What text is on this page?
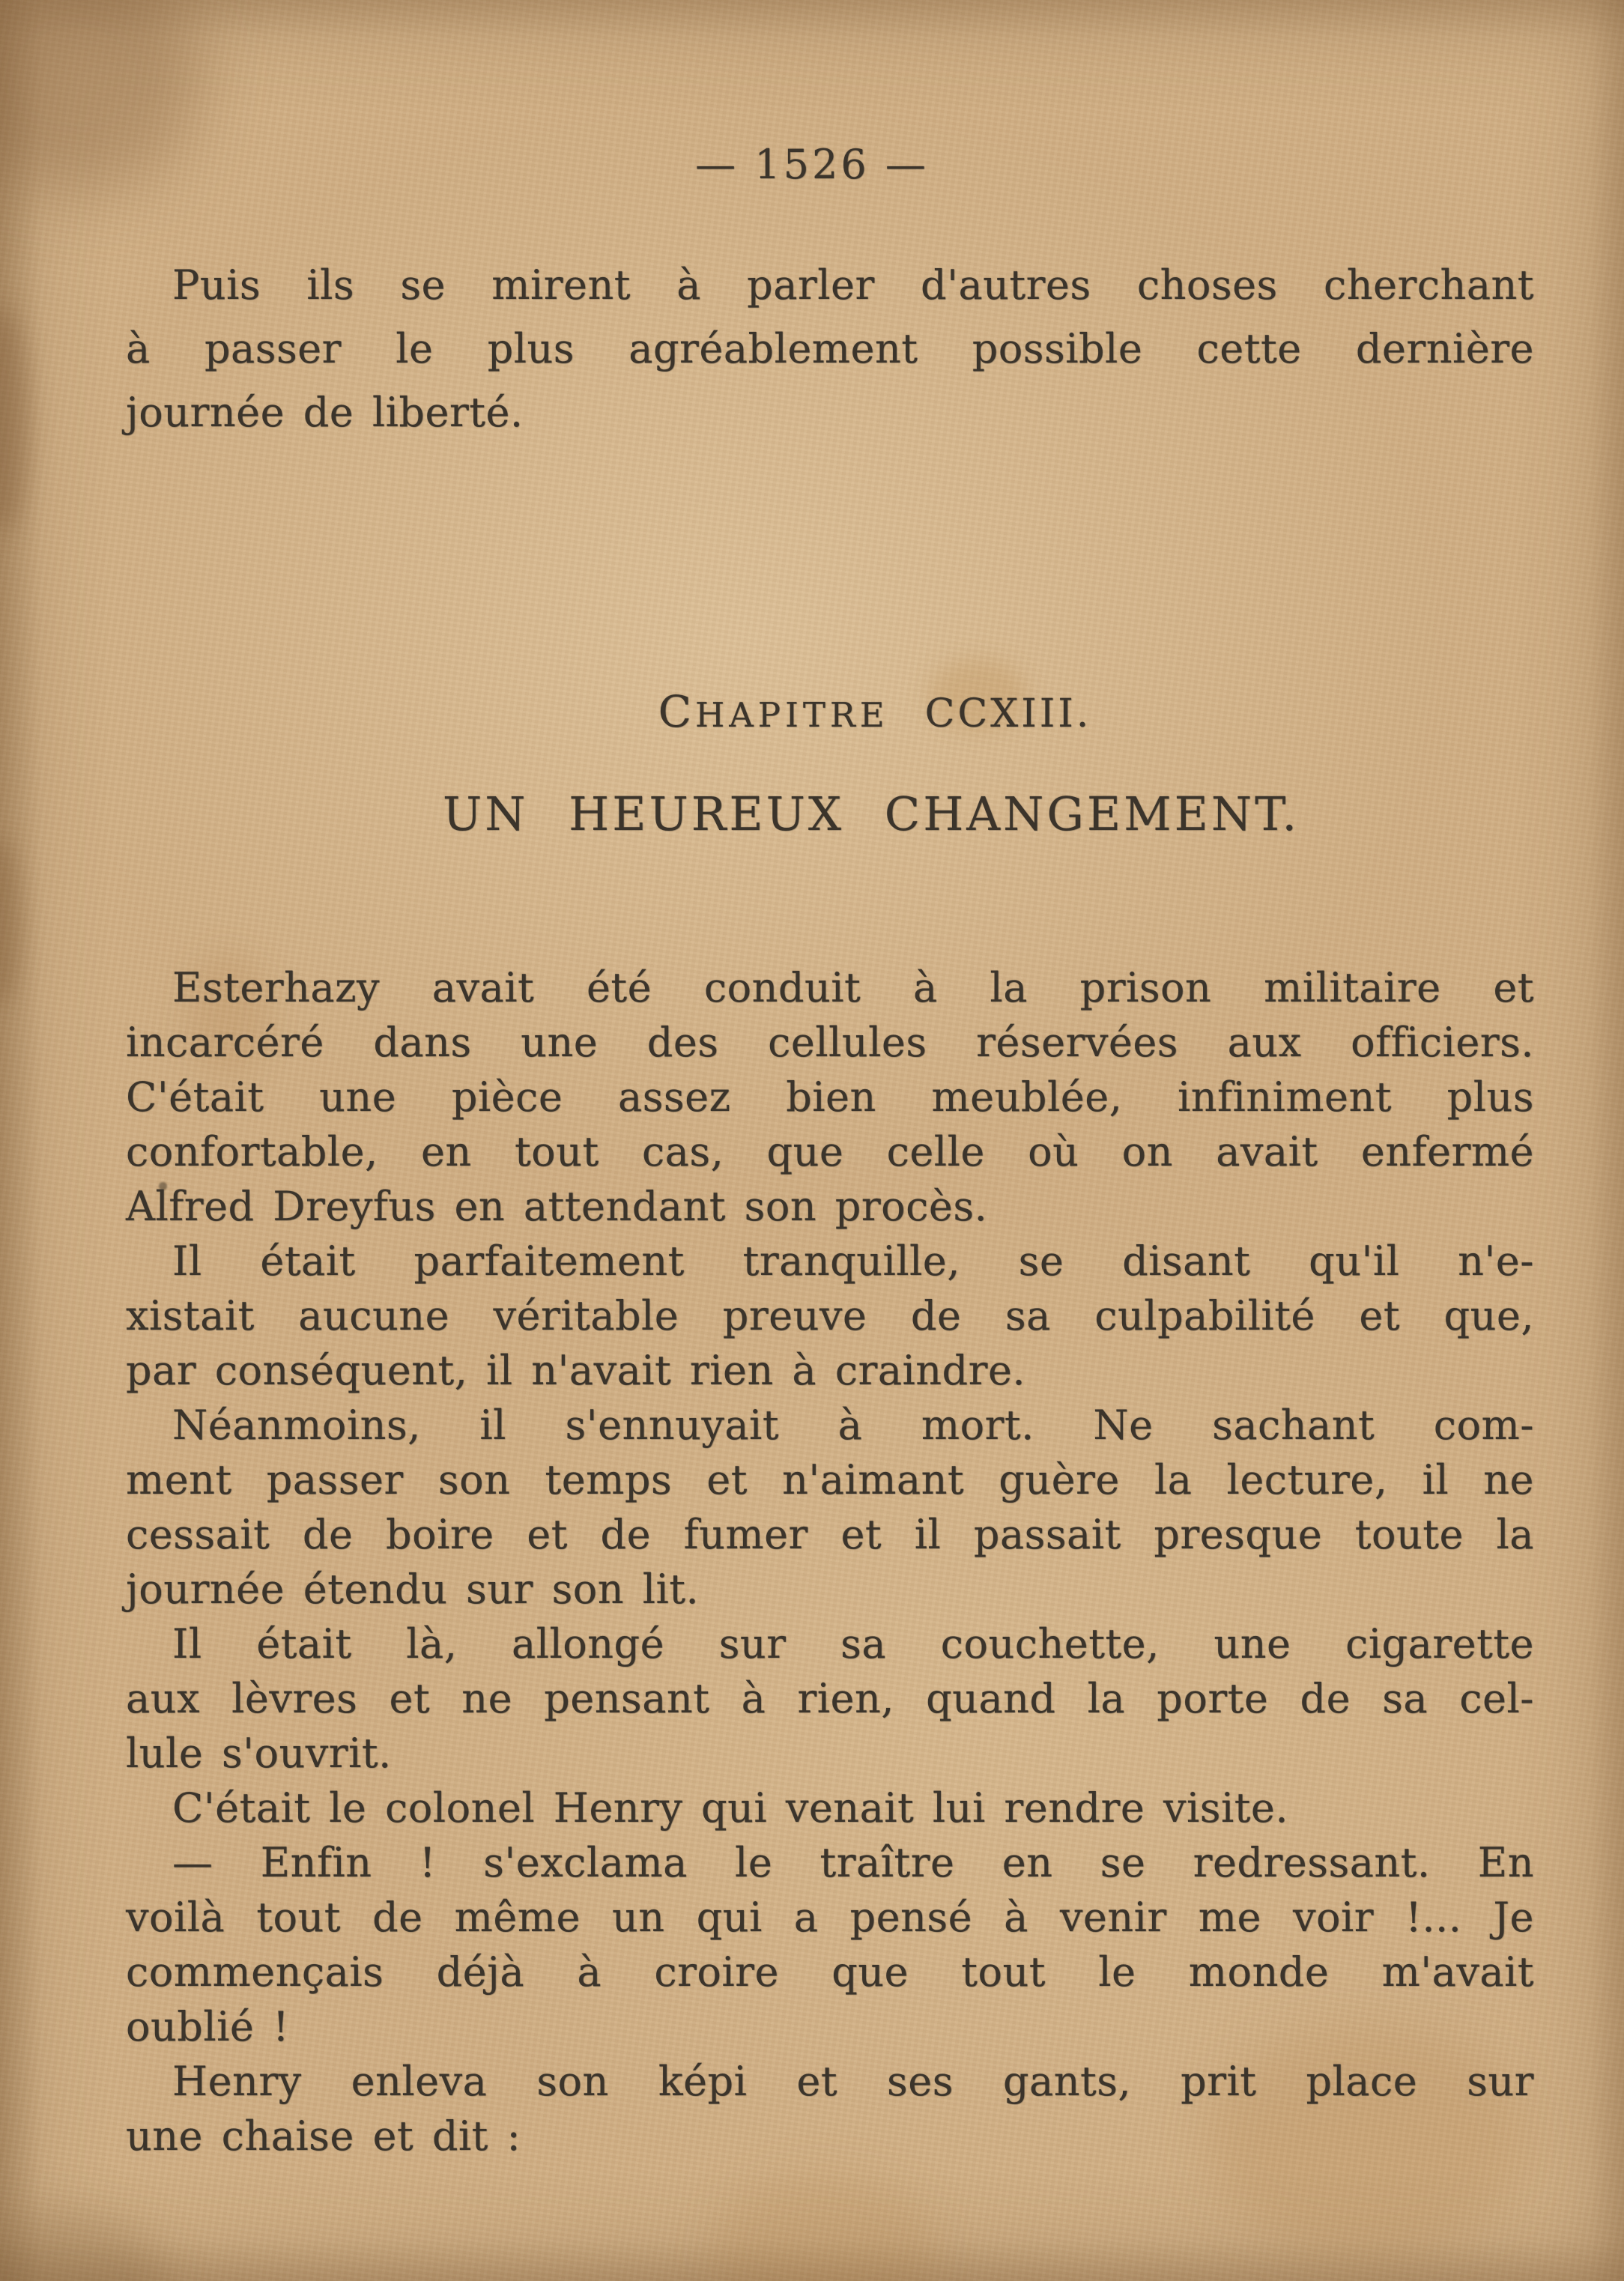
— 1526 —
Puis ils se mirent à parler d'autres choses cherchant
à passer le plus agréablement possible cette dernière
journée de liberté.
CHAPITRE CCXIII.
UN HEUREUX CHANGEMENT.
Esterhazy avait été conduit à la prison militaire et
incarcéré dans une des cellules réservées aux officiers.
C'était une pièce assez bien meublée, infiniment plus
confortable, en tout cas, que celle où on avait enfermé
Alfred Dreyfus en attendant son procès.
Il était parfaitement tranquille, se disant qu'il n'e-
xistait aucune véritable preuve de sa culpabilité et que,
par conséquent, il n'avait rien à craindre.
Néanmoins, il s'ennuyait à mort. Ne sachant com-
ment passer son temps et n'aimant guère la lecture, il ne
cessait de boire et de fumer et il passait presque toute la
journée étendu sur son lit.
Il était là, allongé sur sa couchette, une cigarette
aux lèvres et ne pensant à rien, quand la porte de sa cel-
lule s'ouvrit.
C'était le colonel Henry qui venait lui rendre visite.
— Enfin ! s'exclama le traître en se redressant. En
voilà tout de même un qui a pensé à venir me voir !... Je
commençais déjà à croire que tout le monde m'avait
oublié !
Henry enleva son képi et ses gants, prit place sur
une chaise et dit :
